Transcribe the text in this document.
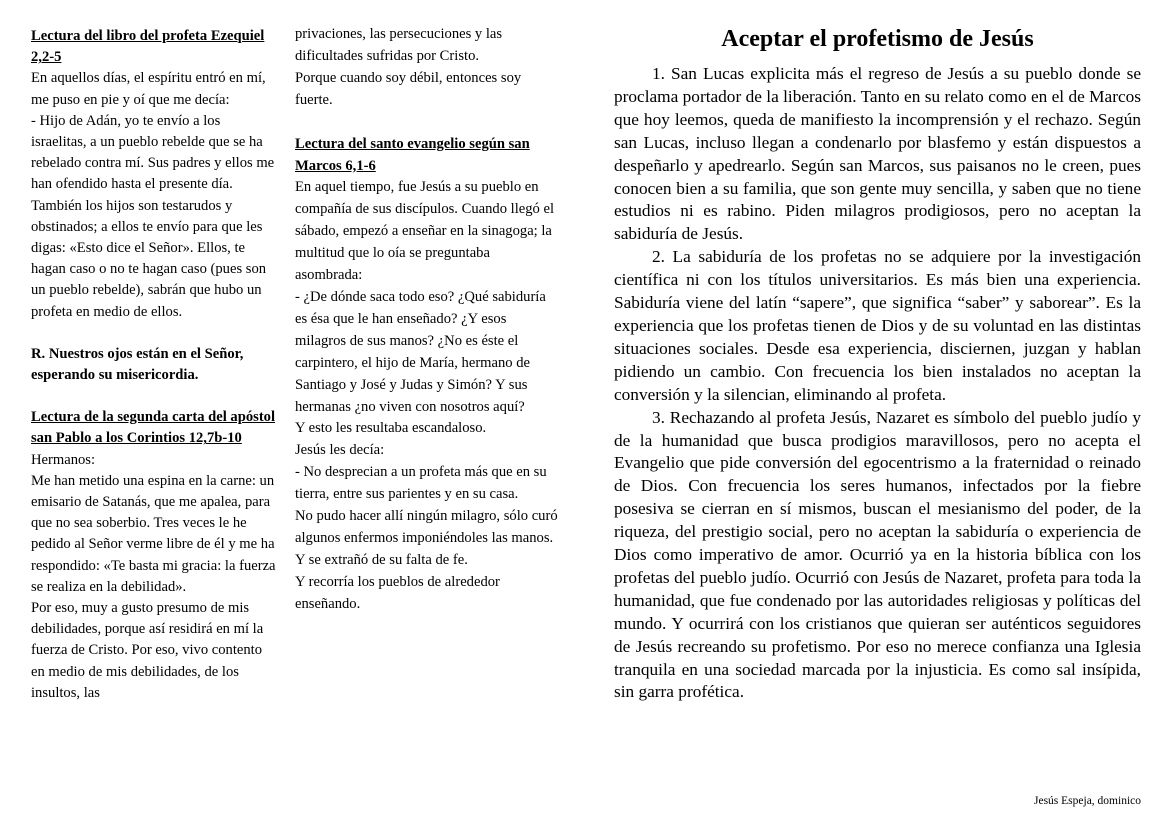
Lectura del libro del profeta Ezequiel 2,2-5

En aquellos días, el espíritu entró en mí, me puso en pie y oí que me decía:

- Hijo de Adán, yo te envío a los israelitas, a un pueblo rebelde que se ha rebelado contra mí. Sus padres y ellos me han ofendido hasta el presente día. También los hijos son testarudos y obstinados; a ellos te envío para que les digas: «Esto dice el Señor». Ellos, te hagan caso o no te hagan caso (pues son un pueblo rebelde), sabrán que hubo un profeta en medio de ellos.

R. Nuestros ojos están en el Señor, esperando su misericordia.

Lectura de la segunda carta del apóstol san Pablo a los Corintios 12,7b-10

Hermanos:

Me han metido una espina en la carne: un emisario de Satanás, que me apalea, para que no sea soberbio. Tres veces le he pedido al Señor verme libre de él y me ha respondido: «Te basta mi gracia: la fuerza se realiza en la debilidad».

Por eso, muy a gusto presumo de mis debilidades, porque así residirá en mí la fuerza de Cristo. Por eso, vivo contento en medio de mis debilidades, de los insultos, las

privaciones, las persecuciones y las dificultades sufridas por Cristo.

Porque cuando soy débil, entonces soy fuerte.

Lectura del santo evangelio según san Marcos 6,1-6

En aquel tiempo, fue Jesús a su pueblo en compañía de sus discípulos. Cuando llegó el sábado, empezó a enseñar en la sinagoga; la multitud que lo oía se preguntaba asombrada:

- ¿De dónde saca todo eso? ¿Qué sabiduría es ésa que le han enseñado? ¿Y esos milagros de sus manos? ¿No es éste el carpintero, el hijo de María, hermano de Santiago y José y Judas y Simón? Y sus hermanas ¿no viven con nosotros aquí?

Y esto les resultaba escandaloso.

Jesús les decía:

- No desprecian a un profeta más que en su tierra, entre sus parientes y en su casa.

No pudo hacer allí ningún milagro, sólo curó algunos enfermos imponiéndoles las manos. Y se extrañó de su falta de fe.

Y recorría los pueblos de alrededor enseñando.

Aceptar el profetismo de Jesús

1. San Lucas explicita más el regreso de Jesús a su pueblo donde se proclama portador de la liberación. Tanto en su relato como en el de Marcos que hoy leemos, queda de manifiesto la incomprensión y el rechazo. Según san Lucas, incluso llegan a condenarlo por blasfemo y están dispuestos a despeñarlo y apedrearlo. Según san Marcos, sus paisanos no le creen, pues conocen bien a su familia, que son gente muy sencilla, y saben que no tiene estudios ni es rabino. Piden milagros prodigiosos, pero no aceptan la sabiduría de Jesús.

2. La sabiduría de los profetas no se adquiere por la investigación científica ni con los títulos universitarios. Es más bien una experiencia. Sabiduría viene del latín “sapere”, que significa “saber” y saborear”. Es la experiencia que los profetas tienen de Dios y de su voluntad en las distintas situaciones sociales. Desde esa experiencia, disciernen, juzgan y hablan pidiendo un cambio. Con frecuencia los bien instalados no aceptan la conversión y la silencian, eliminando al profeta.

3. Rechazando al profeta Jesús, Nazaret es símbolo del pueblo judío y de la humanidad que busca prodigios maravillosos, pero no acepta el Evangelio que pide conversión del egocentrismo a la fraternidad o reinado de Dios. Con frecuencia los seres humanos, infectados por la fiebre posesiva se cierran en sí mismos, buscan el mesianismo del poder, de la riqueza, del prestigio social, pero no aceptan la sabiduría o experiencia de Dios como imperativo de amor. Ocurrió ya en la historia bíblica con los profetas del pueblo judío. Ocurrió con Jesús de Nazaret, profeta para toda la humanidad, que fue condenado por las autoridades religiosas y políticas del mundo. Y ocurrirá con los cristianos que quieran ser auténticos seguidores de Jesús recreando su profetismo. Por eso no merece confianza una Iglesia tranquila en una sociedad marcada por la injusticia. Es como sal insípida, sin garra profética.

Jesús Espeja, dominico
